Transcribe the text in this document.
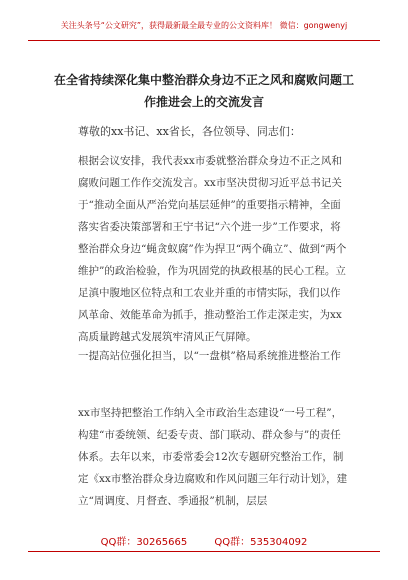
关注头条号“公文研究”，获得最新最全最专业的公文资料库！ 微信：gongwenyj
在全省持续深化集中整治群众身边不正之风和腐败问题工
作推进会上的交流发言
尊敬的xx书记、xx省长，各位领导、同志们：

根据会议安排，我代表xx市委就整治群众身边不正之风和腐败问题工作作交流发言。xx市坚决贯彻习近平总书记关于“推动全面从严治党向基层延伸”的重要指示精神，全面落实省委决策部署和王宁书记“六个进一步”工作要求，将整治群众身边“蝇贪蚁腐”作为捍卫“两个确立”、做到“两个维护”的政治检验，作为巩固党的执政根基的民心工程。立足滇中腹地区位特点和工农业并重的市情实际，我们以作风革命、效能革命为抓手，推动整治工作走深走实，为xx高质量跨越式发展筑牢清风正气屏障。

一提高站位强化担当，以“一盘棋”格局系统推进整治工作

xx市坚持把整治工作纳入全市政治生态建设“一号工程”，构建“市委统领、纪委专责、部门联动、群众参与”的责任体系。去年以来，市委常委会12次专题研究整治工作，制定《xx市整治群众身边腐败和作风问题三年行动计划》，建立“周调度、月督查、季通报”机制，层层

QQ群：30265665	QQ群：535304092
